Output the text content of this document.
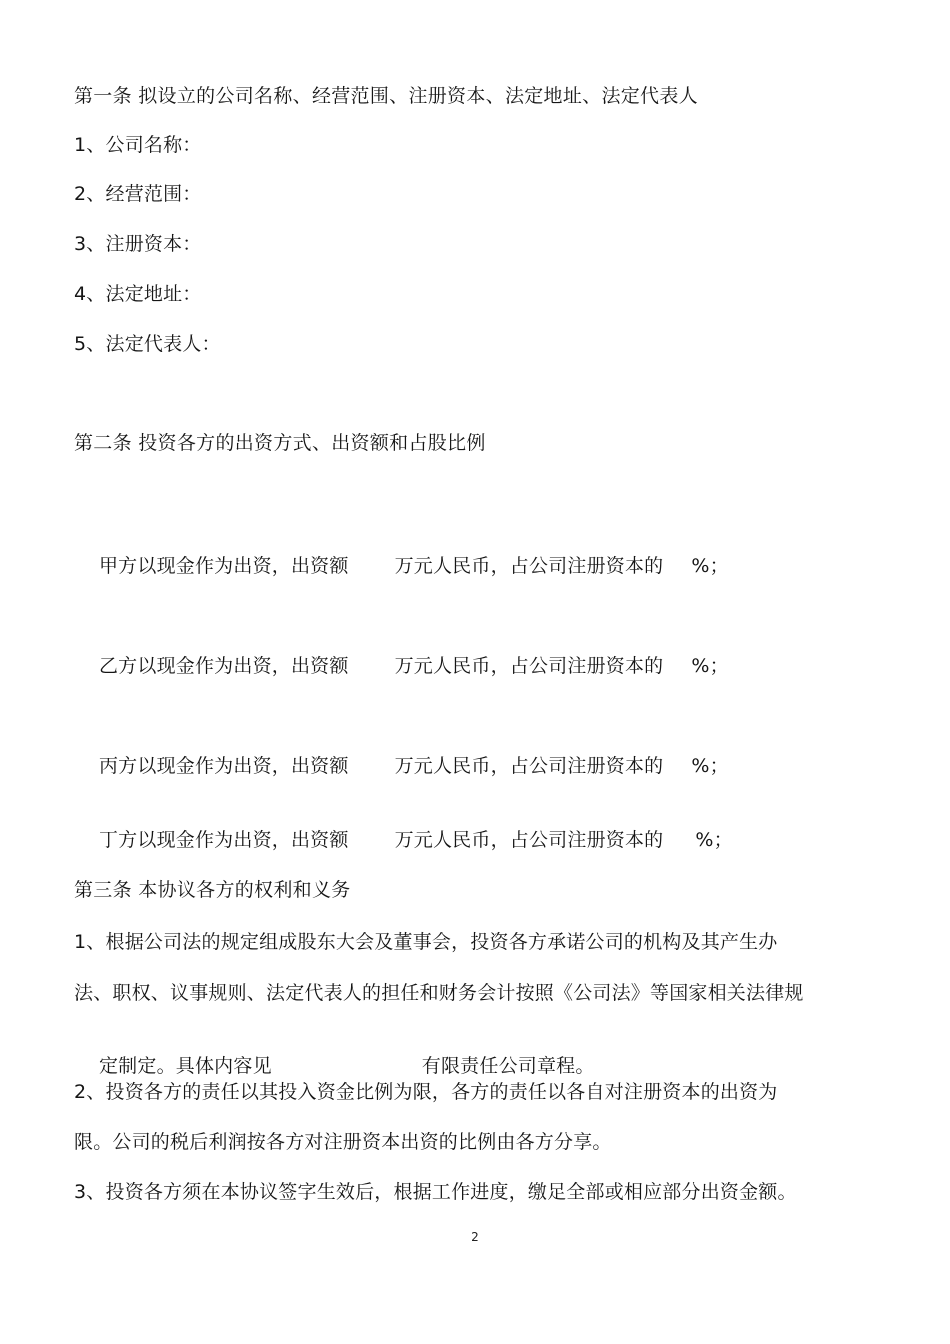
第一条 拟设立的公司名称、经营范围、注册资本、法定地址、法定代表人
1、公司名称：
2、经营范围：
3、注册资本：
4、法定地址：
5、法定代表人：
第二条 投资各方的出资方式、出资额和占股比例

甲方以现金作为出资，出资额 万元人民币，占公司注册资本的 %；

乙方以现金作为出资，出资额 万元人民币，占公司注册资本的 %；

丙方以现金作为出资，出资额 万元人民币，占公司注册资本的 %；

丁方以现金作为出资，出资额 万元人民币，占公司注册资本的 %；

第三条 本协议各方的权利和义务
1、根据公司法的规定组成股东大会及董事会，投资各方承诺公司的机构及其产生办
法、职权、议事规则、法定代表人的担任和财务会计按照《公司法》等国家相关法律规

定制定。具体内容见	有限责任公司章程。

2、投资各方的责任以其投入资金比例为限，各方的责任以各自对注册资本的出资为
限。公司的税后利润按各方对注册资本出资的比例由各方分享。
3、投资各方须在本协议签字生效后，根据工作进度，缴足全部或相应部分出资金额。
2
